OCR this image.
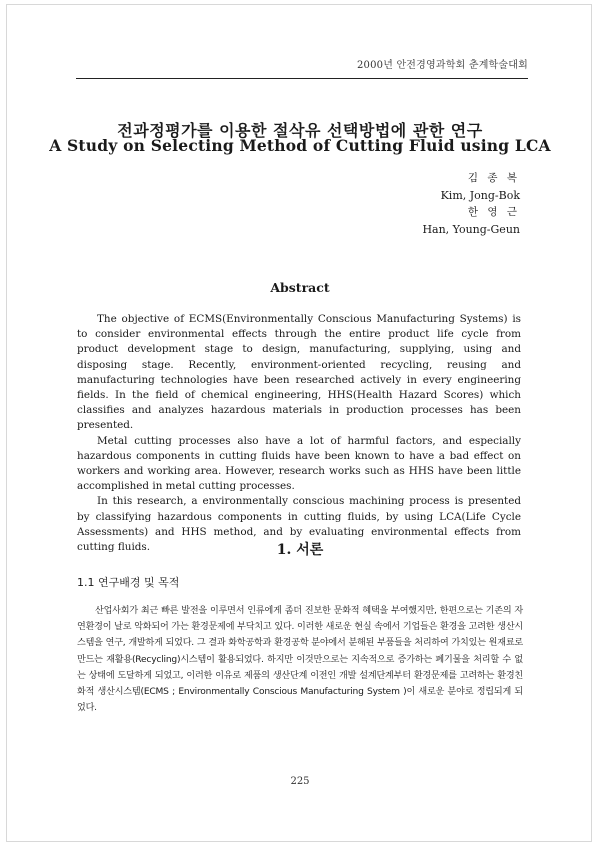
2000년 안전경영과학회 춘계학술대회
전과정평가를 이용한 절삭유 선택방법에 관한 연구
A Study on Selecting Method of Cutting Fluid using LCA
김 종 복
Kim, Jong-Bok
한 영 근
Han, Young-Geun
Abstract

The objective of ECMS(Environmentally Conscious Manufacturing Systems) is to consider environmental effects through the entire product life cycle from product development stage to design, manufacturing, supplying, using and disposing stage. Recently, environment-oriented recycling, reusing and manufacturing technologies have been researched actively in every engineering fields. In the field of chemical engineering, HHS(Health Hazard Scores) which classifies and analyzes hazardous materials in production processes has been presented.

Metal cutting processes also have a lot of harmful factors, and especially hazardous components in cutting fluids have been known to have a bad effect on workers and working area. However, research works such as HHS have been little accomplished in metal cutting processes.

In this research, a environmentally conscious machining process is presented by classifying hazardous components in cutting fluids, by using LCA(Life Cycle Assessments) and HHS method, and by evaluating environmental effects from cutting fluids.	1. 서론
1.1 연구배경 및 목적

산업사회가 최근 빠른 발전을 이루면서 인류에게 좀더 진보한 문화적 혜택을 부여했지만, 한편으로는 기존의 자연환경이 날로 악화되어 가는 환경문제에 부닥치고 있다. 이러한 새로운 현실 속에서 기업들은 환경을 고려한 생산시스템을 연구, 개발하게 되었다. 그 결과 화학공학과 환경공학 분야에서 분해된 부품들을 처리하여 가치있는 원재료로 만드는 재활용(Recycling)시스템이 활용되었다. 하지만 이것만으로는 지속적으로 증가하는 폐기물을 처리할 수 없는 상태에 도달하게 되었고, 이러한 이유로 제품의 생산단계 이전인 개발 설계단계부터 환경문제를 고려하는 환경친화적 생산시스템(ECMS ; Environmentally Conscious Manufacturing System )이 새로운 분야로 정립되게 되었다.

225
